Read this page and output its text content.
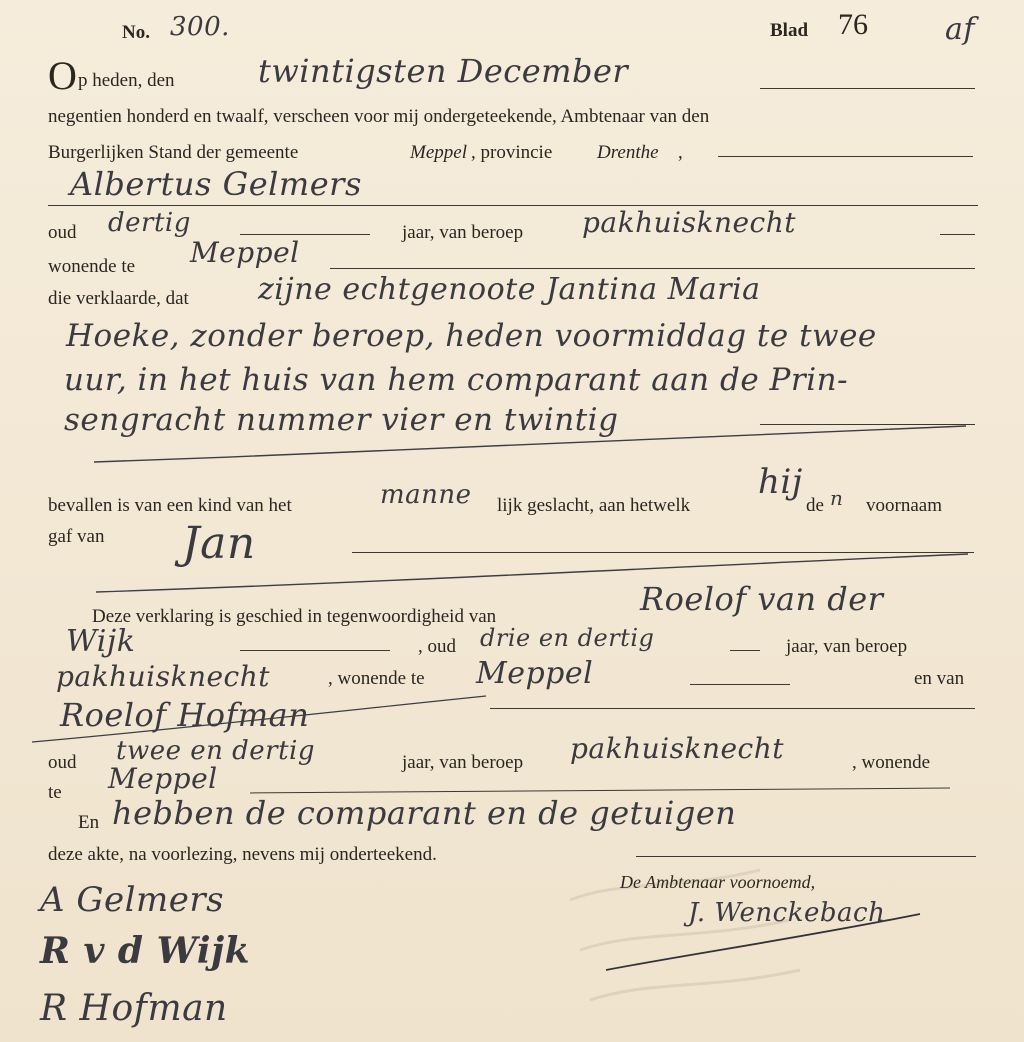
No. 300.	Blad 76	af
O p heden, den	twintigsten December
negentien honderd en twaalf, verscheen voor mij ondergeteekende, Ambtenaar van den
Burgerlijken Stand der gemeente	Meppel , provincie Drenthe ,
Albertus Gelmers
oud dertig	jaar, van beroep pakhuisknecht
wonende te Meppel
die verklaarde, dat zijne echtgenoote Jantina Maria
Hoeke, zonder beroep, heden voormiddag te twee
uur, in het huis van hem comparant aan de Prin-
sengracht nummer vier en twintig
bevallen is van een kind van het	manne lijk geslacht, aan hetwelk
hij
de n voornaam
gaf van Jan
Deze verklaring is geschied in tegenwoordigheid van	Roelof van der
Wijk	, oud drie en dertig	jaar, van beroep
pakhuisknecht	, wonende te Meppel	en van
Roelof Hofman
oud twee en dertig	jaar, van beroep pakhuisknecht	, wonende
te Meppel
En hebben de comparant en de getuigen
deze akte, na voorlezing, nevens mij onderteekend.
De Ambtenaar voornoemd,
A Gelmers
R v d Wijk
R Hofman
J. Wenckebach
